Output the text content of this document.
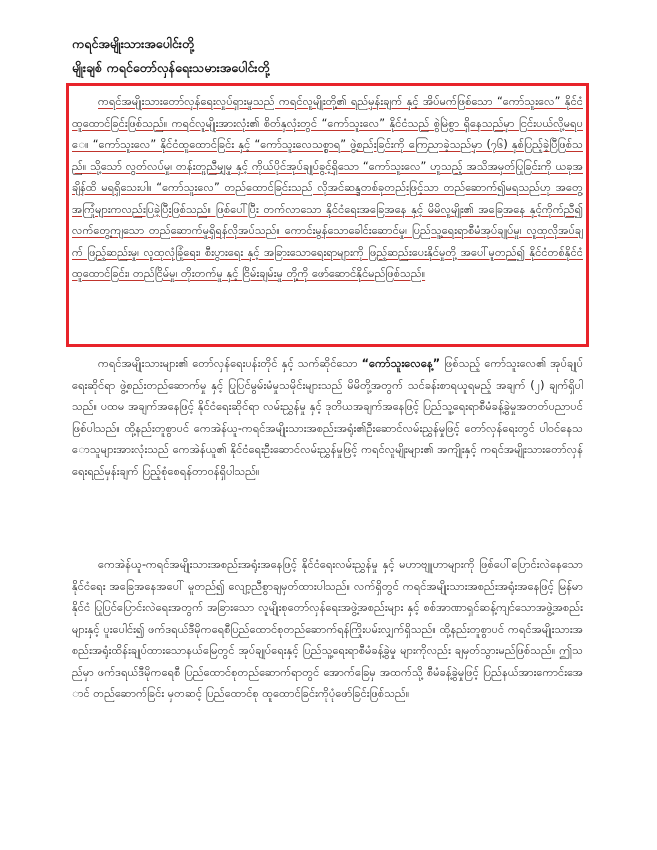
ကရင်အမျိုးသားအပေါင်းတို့
မျိုးချစ် ကရင်တော်လှန်ရေးသမားအပေါင်းတို့

ကရင်အမျိုးသားတော်လှန်ရေးလှုပ်ရှားမှုသည် ကရင်လူမျိုးတို့၏ ရည်မှန်းချက် နှင့် အိပ်မက်ဖြစ်သော “ကော်သူးလေ” နိုင်ငံထူထောင်ခြင်းဖြစ်သည်။ ကရင်လူမျိုးအားလုံး၏ စိတ်နှလုံးတွင် “ကော်သူးလေ” နိုင်ငံသည် စွဲမြဲစွာ ရှိနေသည်မှာ ငြင်းပယ်လို့မရပေ။ “ကော်သူးလေ” နိုင်ငံထူထောင်ခြင်း နှင့် “ကော်သူးလေသစ္စာရ” ဖွဲ့စည်းခြင်းကို ကြေညာခဲ့သည်မှာ (၇၆) နှစ်ပြည့်ခဲ့ပြီဖြစ်သည်။ သို့သော် လွတ်လပ်မှု၊ တန်းတူညီမျှမှု နှင့် ကိုယ်ပိုင်အုပ်ချုပ်ခွင့်ရှိသော “ကော်သူးလေ” ဟူသည့် အသိအမှတ်ပြုခြင်းကို ယခုအချိန်ထိ မရရှိသေးပါ။ “ကော်သူးလေ” တည်ထောင်ခြင်းသည် လိုအင်ဆန္ဒတစ်ခုတည်းဖြင့်သာ တည်ဆောက်၍မရသည်ဟု အတွေ့အကြုံများကလည်းပြခဲ့ပြီးဖြစ်သည်။ ဖြစ်ပေါ်ပြီး တက်လာသော နိုင်ငံရေးအခြေအနေ နှင့် မိမိလူမျိုး၏ အခြေအနေ နှင့်ကိုက်ညီ၍လက်တွေ့ကျသော တည်ဆောက်မှုရှိရန်လိုအပ်သည်။ ကောင်းမွန်သောခေါင်းဆောင်မှု၊ ပြည်သူ့ရေးရာစီမံအုပ်ချုပ်မှု၊ လူထုလိုအပ်ချက် ဖြည့်ဆည်းမှု၊ လူထုလုံခြုံရေး၊ စီးပွားရေး နှင့် အခြားသောရေးရာများကို ဖြည့်ဆည်းပေးနိုင်မှုတို့ အပေါ်မူတည်၍ နိုင်ငံတစ်နိုင်ငံထူထောင်ခြင်း၊ တည်ငြိမ်မှု၊ တိုးတက်မှု နှင့် ငြိမ်းချမ်းမှု တို့ကို ဖော်ဆောင်နိုင်မည်ဖြစ်သည်။

ကရင်အမျိုးသားများ၏ တော်လှန်ရေးပန်းတိုင် နှင့် သက်ဆိုင်သော “ကော်သူးလေနေ့” ဖြစ်သည့် ကော်သူးလေ၏ အုပ်ချုပ်ရေးဆိုင်ရာ ဖွဲ့စည်းတည်ဆောက်မှု နှင့် ပြုပြင်မွမ်းမံမှုသမိုင်းများသည် မိမိတို့အတွက် သင်ခန်းစာရယူရမည့် အချက် (၂) ချက်ရှိပါသည်။ ပထမ အချက်အနေဖြင့် နိုင်ငံရေးဆိုင်ရာ လမ်းညွှန်မှု နှင့် ဒုတိယအချက်အနေဖြင့် ပြည်သူ့ရေးရာစီမံခန့်ခွဲမှုအတတ်ပညာပင်ဖြစ်ပါသည်။ ထို့နည်းတူစွာပင် ကေအဲန်ယူ-ကရင်အမျိုးသားအစည်းအရုံး၏ဦးဆောင်လမ်းညွှန်မှုဖြင့် တော်လှန်ရေးတွင် ပါဝင်နေသောသူများအားလုံးသည် ကေအဲန်ယူ၏ နိုင်ငံရေးဦးဆောင်လမ်းညွှန်မှုဖြင့် ကရင်လူမျိုးများ၏ အကျိုးနှင့် ကရင်အမျိုးသားတော်လှန်ရေးရည်မှန်းချက် ပြည့်စုံစေရန်တာဝန်ရှိပါသည်။

ကေအဲန်ယူ-ကရင်အမျိုးသားအစည်းအရုံးအနေဖြင့် နိုင်ငံရေးလမ်းညွှန်မှု နှင့် မဟာဗျူဟာများကို ဖြစ်ပေါ်ပြောင်းလဲနေသော နိုင်ငံရေး အခြေအနေအပေါ် မူတည်၍ လျော့ညီစွာချမှတ်ထားပါသည်။ လက်ရှိတွင် ကရင်အမျိုးသားအစည်းအရုံးအနေဖြင့် မြန်မာနိုင်ငံ ပြုပြင်ပြောင်းလဲရေးအတွက် အခြားသော လူမျိုးစုတော်လှန်ရေးအဖွဲ့အစည်းများ နှင့် စစ်အာဏာရှင်ဆန့်ကျင်သောအဖွဲ့အစည်းများနှင့် ပူးပေါင်း၍ ဖက်ဒရယ်ဒီမိုကရေစီပြည်ထောင်စုတည်ဆောက်ရန်ကြိုးပမ်းလျှက်ရှိသည်။ ထို့နည်းတူစွာပင် ကရင်အမျိုးသားအစည်းအရုံးထိန်းချုပ်ထားသောနယ်မြေတွင် အုပ်ချုပ်ရေးနှင့် ပြည်သူ့ရေးရာစီမံခန့်ခွဲမှု များကိုလည်း ချမှတ်သွားမည်ဖြစ်သည်။ ဤသည်မှာ ဖက်ဒရယ်ဒီမိုကရေစီ ပြည်ထောင်စုတည်ဆောက်ရာတွင် အောက်ခြေမှ အထက်သို့ စီမံခန့်ခွဲမှုဖြင့် ပြည်နယ်အားကောင်းအောင် တည်ဆောက်ခြင်း မှတဆင့် ပြည်ထောင်စု ထူထောင်ခြင်းကိုပုံဖော်ခြင်းဖြစ်သည်။
